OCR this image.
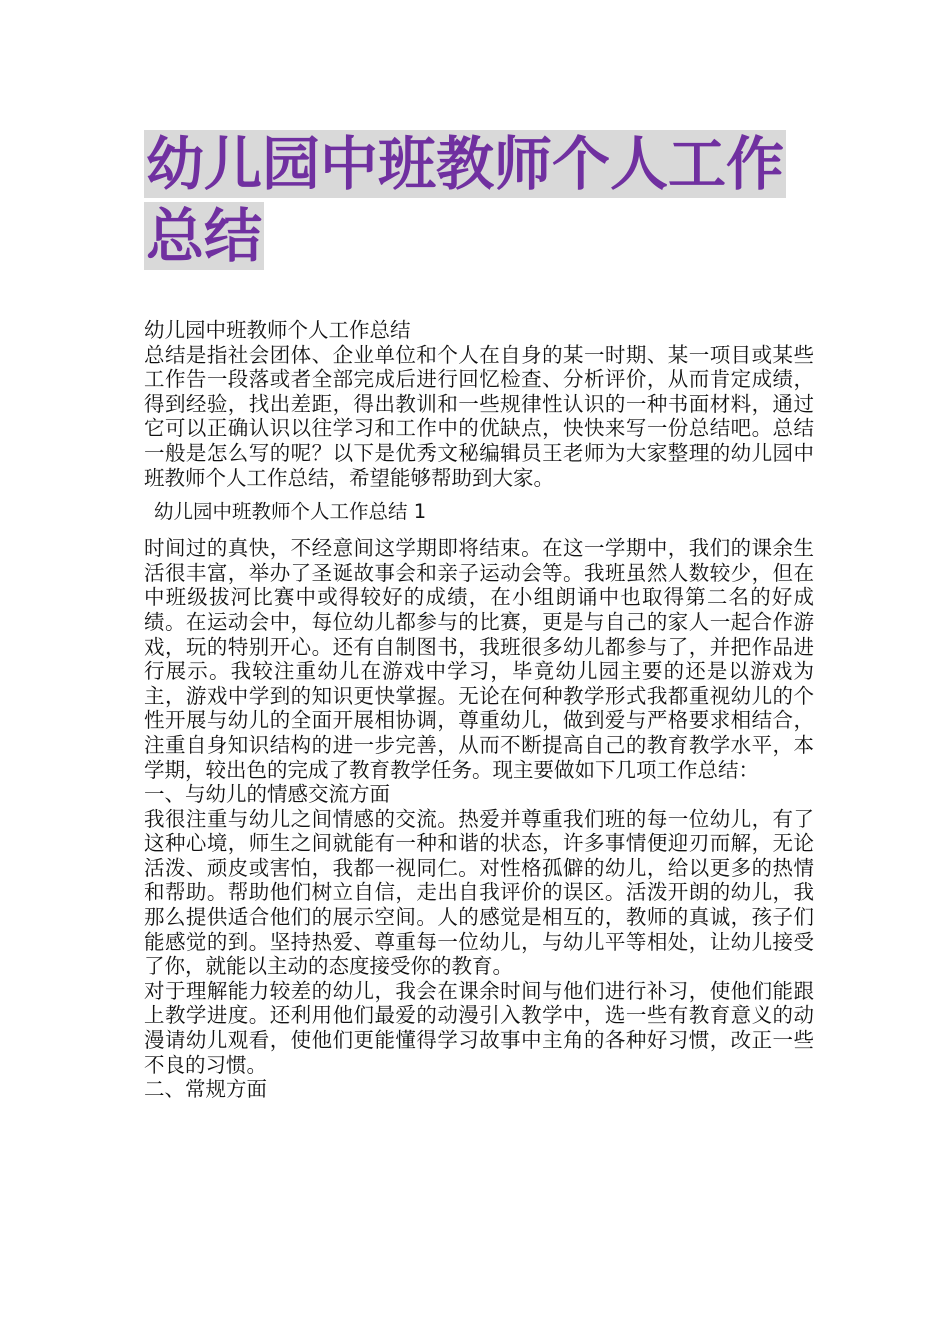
幼儿园中班教师个人工作
总结

幼儿园中班教师个人工作总结

总结是指社会团体、企业单位和个人在自身的某一时期、某一项目或某些工作告一段落或者全部完成后进行回忆检查、分析评价，从而肯定成绩，得到经验，找出差距，得出教训和一些规律性认识的一种书面材料，通过它可以正确认识以往学习和工作中的优缺点，快快来写一份总结吧。总结一般是怎么写的呢？以下是优秀文秘编辑员王老师为大家整理的幼儿园中班教师个人工作总结，希望能够帮助到大家。

幼儿园中班教师个人工作总结 1

时间过的真快，不经意间这学期即将结束。在这一学期中，我们的课余生活很丰富，举办了圣诞故事会和亲子运动会等。我班虽然人数较少，但在中班级拔河比赛中或得较好的成绩，在小组朗诵中也取得第二名的好成绩。在运动会中，每位幼儿都参与的比赛，更是与自己的家人一起合作游戏，玩的特别开心。还有自制图书，我班很多幼儿都参与了，并把作品进行展示。我较注重幼儿在游戏中学习，毕竟幼儿园主要的还是以游戏为主，游戏中学到的知识更快掌握。无论在何种教学形式我都重视幼儿的个性开展与幼儿的全面开展相协调，尊重幼儿，做到爱与严格要求相结合，注重自身知识结构的进一步完善，从而不断提高自己的教育教学水平，本学期，较出色的完成了教育教学任务。现主要做如下几项工作总结：

一、与幼儿的情感交流方面

我很注重与幼儿之间情感的交流。热爱并尊重我们班的每一位幼儿，有了这种心境，师生之间就能有一种和谐的状态，许多事情便迎刃而解，无论活泼、顽皮或害怕，我都一视同仁。对性格孤僻的幼儿，给以更多的热情和帮助。帮助他们树立自信，走出自我评价的误区。活泼开朗的幼儿，我那么提供适合他们的展示空间。人的感觉是相互的，教师的真诚，孩子们能感觉的到。坚持热爱、尊重每一位幼儿，与幼儿平等相处，让幼儿接受了你，就能以主动的态度接受你的教育。

对于理解能力较差的幼儿，我会在课余时间与他们进行补习，使他们能跟上教学进度。还利用他们最爱的动漫引入教学中，选一些有教育意义的动漫请幼儿观看，使他们更能懂得学习故事中主角的各种好习惯，改正一些不良的习惯。

二、常规方面
